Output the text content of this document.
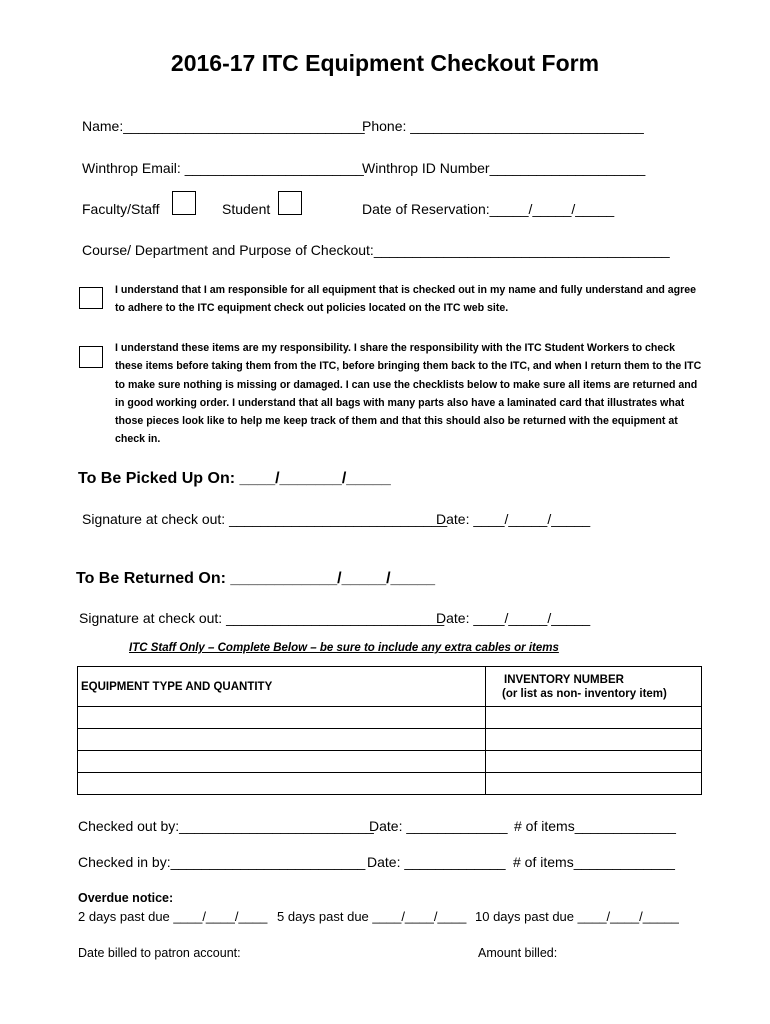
2016-17 ITC Equipment Checkout Form
Name:_______________________________
Phone: ______________________________
Winthrop Email: _______________________
Winthrop ID Number____________________
Faculty/Staff	Student	Date of Reservation:_____/_____/_____
Course/ Department and Purpose of Checkout:______________________________________
I understand that I am responsible for all equipment that is checked out in my name and fully understand and agree to adhere to the ITC equipment check out policies located on the ITC web site.
I understand these items are my responsibility. I share the responsibility with the ITC Student Workers to check these items before taking them from the ITC, before bringing them back to the ITC, and when I return them to the ITC to make sure nothing is missing or damaged. I can use the checklists below to make sure all items are returned and in good working order. I understand that all bags with many parts also have a laminated card that illustrates what those pieces look like to help me keep track of them and that this should also be returned with the equipment at check in.
To Be Picked Up On: ____/_______/_____
Signature at check out: ____________________________
Date: ____/_____/_____
To Be Returned On: ____________/_____/_____
Signature at check out: ____________________________
Date: ____/_____/_____
ITC Staff Only – Complete Below – be sure to include any extra cables or items
EQUIPMENT TYPE AND QUANTITY	INVENTORY NUMBER
(or list as non- inventory item)

Checked out by:_________________________
Date: _____________ # of items_____________
Checked in by:_________________________ Date: _____________ # of items_____________
Overdue notice:
2 days past due ____/____/____ 5 days past due ____/____/____ 10 days past due ____/____/_____
Date billed to patron account:	Amount billed:
